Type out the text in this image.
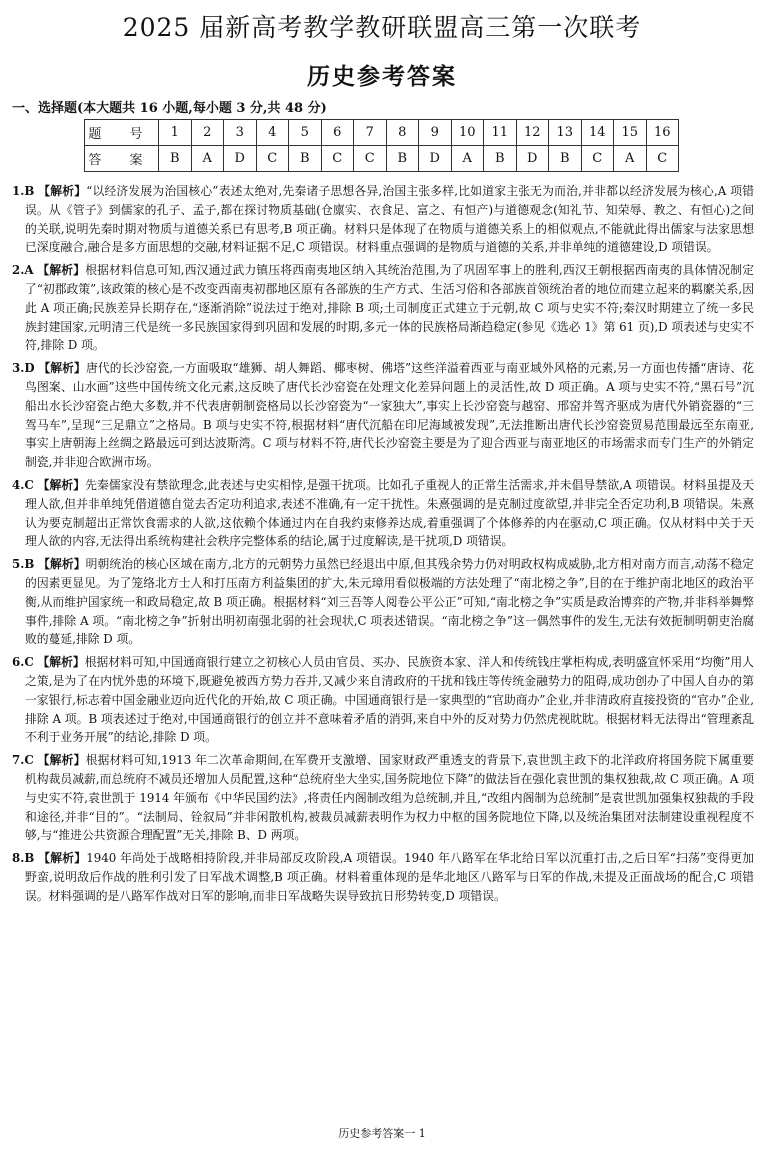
2025 届新高考教学教研联盟高三第一次联考
历史参考答案
一、选择题(本大题共 16 小题,每小题 3 分,共 48 分)
题 号	1	2	3	4	5	6	7	8	9	10	11	12	13	14	15	16
答 案	B	A	D	C	B	C	C	B	D	A	B	D	B	C	A	C
1.B 【解析】“以经济发展为治国核心”表述太绝对,先秦诸子思想各异,治国主张多样,比如道家主张无为而治,并非都以经济发展为核心,A 项错误。从《管子》到儒家的孔子、孟子,都在探讨物质基础(仓廪实、衣食足、富之、有恒产)与道德观念(知礼节、知荣辱、教之、有恒心)之间的关联,说明先秦时期对物质与道德关系已有思考,B 项正确。材料只是体现了在物质与道德关系上的相似观点,不能就此得出儒家与法家思想已深度融合,融合是多方面思想的交融,材料证据不足,C 项错误。材料重点强调的是物质与道德的关系,并非单纯的道德建设,D 项错误。
2.A 【解析】根据材料信息可知,西汉通过武力镇压将西南夷地区纳入其统治范围,为了巩固军事上的胜利,西汉王朝根据西南夷的具体情况制定了“初郡政策”,该政策的核心是不改变西南夷初郡地区原有各部族的生产方式、生活习俗和各部族首领统治者的地位而建立起来的羁縻关系,因此 A 项正确;民族差异长期存在,“逐渐消除”说法过于绝对,排除 B 项;土司制度正式建立于元朝,故 C 项与史实不符;秦汉时期建立了统一多民族封建国家,元明清三代是统一多民族国家得到巩固和发展的时期,多元一体的民族格局渐趋稳定(参见《选必 1》第 61 页),D 项表述与史实不符,排除 D 项。
3.D 【解析】唐代的长沙窑瓷,一方面吸取“雄狮、胡人舞蹈、椰枣树、佛塔”这些洋溢着西亚与南亚域外风格的元素,另一方面也传播“唐诗、花鸟图案、山水画”这些中国传统文化元素,这反映了唐代长沙窑瓷在处理文化差异问题上的灵活性,故 D 项正确。A 项与史实不符,“黑石号”沉船出水长沙窑瓷占绝大多数,并不代表唐朝制瓷格局以长沙窑瓷为“一家独大”,事实上长沙窑瓷与越窑、邢窑并驾齐驱成为唐代外销瓷器的“三驾马车”,呈现“三足鼎立”之格局。B 项与史实不符,根据材料“唐代沉船在印尼海域被发现”,无法推断出唐代长沙窑瓷贸易范围最远至东南亚,事实上唐朝海上丝绸之路最远可到达波斯湾。C 项与材料不符,唐代长沙窑瓷主要是为了迎合西亚与南亚地区的市场需求而专门生产的外销定制瓷,并非迎合欧洲市场。
4.C 【解析】先秦儒家没有禁欲理念,此表述与史实相悖,是强干扰项。比如孔子重视人的正常生活需求,并未倡导禁欲,A 项错误。材料虽提及天理人欲,但并非单纯凭借道德自觉去否定功利追求,表述不准确,有一定干扰性。朱熹强调的是克制过度欲望,并非完全否定功利,B 项错误。朱熹认为要克制超出正常饮食需求的人欲,这依赖个体通过内在自我约束修养达成,着重强调了个体修养的内在驱动,C 项正确。仅从材料中关于天理人欲的内容,无法得出系统构建社会秩序完整体系的结论,属于过度解读,是干扰项,D 项错误。
5.B 【解析】明朝统治的核心区域在南方,北方的元朝势力虽然已经退出中原,但其残余势力仍对明政权构成威胁,北方相对南方而言,动荡不稳定的因素更显见。为了笼络北方士人和打压南方利益集团的扩大,朱元璋用看似极端的方法处理了“南北榜之争”,目的在于维护南北地区的政治平衡,从而维护国家统一和政局稳定,故 B 项正确。根据材料“刘三吾等人阅卷公平公正”可知,“南北榜之争”实质是政治博弈的产物,并非科举舞弊事件,排除 A 项。“南北榜之争”折射出明初南强北弱的社会现状,C 项表述错误。“南北榜之争”这一偶然事件的发生,无法有效扼制明朝吏治腐败的蔓延,排除 D 项。
6.C 【解析】根据材料可知,中国通商银行建立之初核心人员由官员、买办、民族资本家、洋人和传统钱庄掌柜构成,表明盛宣怀采用“均衡”用人之策,是为了在内忧外患的环境下,既避免被西方势力吞并,又减少来自清政府的干扰和钱庄等传统金融势力的阻碍,成功创办了中国人自办的第一家银行,标志着中国金融业迈向近代化的开始,故 C 项正确。中国通商银行是一家典型的“官助商办”企业,并非清政府直接投资的“官办”企业,排除 A 项。B 项表述过于绝对,中国通商银行的创立并不意味着矛盾的消弭,来自中外的反对势力仍然虎视眈眈。根据材料无法得出“管理紊乱不利于业务开展”的结论,排除 D 项。
7.C 【解析】根据材料可知,1913 年二次革命期间,在军费开支激增、国家财政严重透支的背景下,袁世凯主政下的北洋政府将国务院下属重要机构裁员减薪,而总统府不减员还增加人员配置,这种“总统府坐大坐实,国务院地位下降”的做法旨在强化袁世凯的集权独裁,故 C 项正确。A 项与史实不符,袁世凯于 1914 年颁布《中华民国约法》,将责任内阁制改组为总统制,并且,“改组内阁制为总统制”是袁世凯加强集权独裁的手段和途径,并非“目的”。“法制局、铨叙局”并非闲散机构,被裁员减薪表明作为权力中枢的国务院地位下降,以及统治集团对法制建设重视程度不够,与“推进公共资源合理配置”无关,排除 B、D 两项。
8.B 【解析】1940 年尚处于战略相持阶段,并非局部反攻阶段,A 项错误。1940 年八路军在华北给日军以沉重打击,之后日军“扫荡”变得更加野蛮,说明敌后作战的胜利引发了日军战术调整,B 项正确。材料着重体现的是华北地区八路军与日军的作战,未提及正面战场的配合,C 项错误。材料强调的是八路军作战对日军的影响,而非日军战略失误导致抗日形势转变,D 项错误。
历史参考答案一 1
